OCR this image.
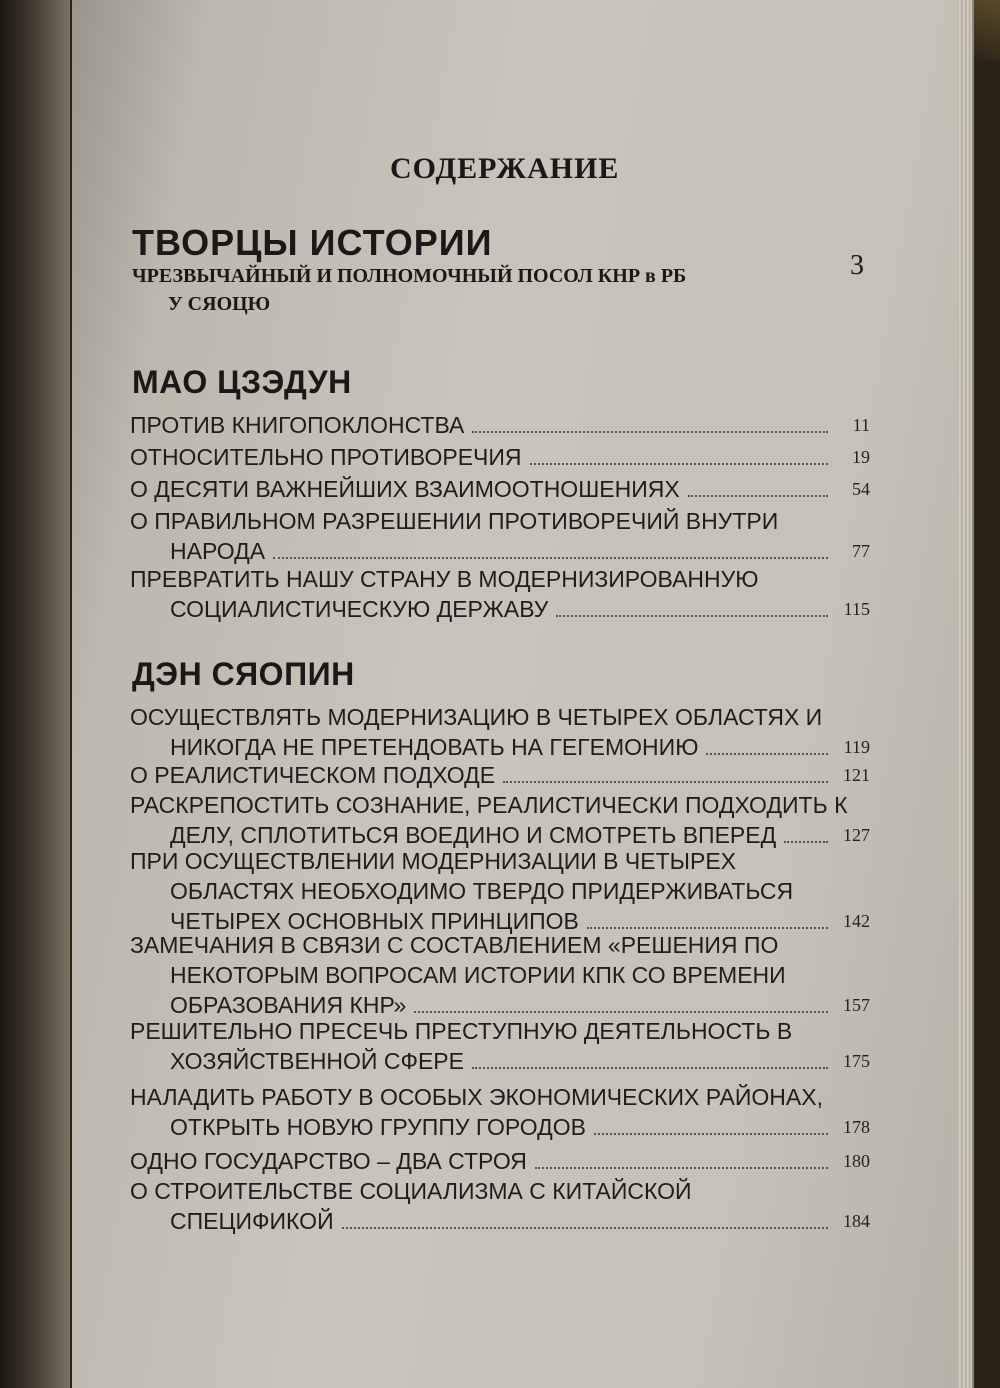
СОДЕРЖАНИЕ
ТВОРЦЫ ИСТОРИИ
ЧРЕЗВЫЧАЙНЫЙ И ПОЛНОМОЧНЫЙ ПОСОЛ КНР в РБ
У СЯОЦЮ
3
МАО ЦЗЭДУН
ПРОТИВ КНИГОПОКЛОНСТВА	11
ОТНОСИТЕЛЬНО ПРОТИВОРЕЧИЯ	19
О ДЕСЯТИ ВАЖНЕЙШИХ ВЗАИМООТНОШЕНИЯХ	54
О ПРАВИЛЬНОМ РАЗРЕШЕНИИ ПРОТИВОРЕЧИЙ ВНУТРИ
НАРОДА	77
ПРЕВРАТИТЬ НАШУ СТРАНУ В МОДЕРНИЗИРОВАННУЮ
СОЦИАЛИСТИЧЕСКУЮ ДЕРЖАВУ	115
ДЭН СЯОПИН
ОСУЩЕСТВЛЯТЬ МОДЕРНИЗАЦИЮ В ЧЕТЫРЕХ ОБЛАСТЯХ И
НИКОГДА НЕ ПРЕТЕНДОВАТЬ НА ГЕГЕМОНИЮ	119
О РЕАЛИСТИЧЕСКОМ ПОДХОДЕ	121
РАСКРЕПОСТИТЬ СОЗНАНИЕ, РЕАЛИСТИЧЕСКИ ПОДХОДИТЬ К
ДЕЛУ, СПЛОТИТЬСЯ ВОЕДИНО И СМОТРЕТЬ ВПЕРЕД	127
ПРИ ОСУЩЕСТВЛЕНИИ МОДЕРНИЗАЦИИ В ЧЕТЫРЕХ
ОБЛАСТЯХ НЕОБХОДИМО ТВЕРДО ПРИДЕРЖИВАТЬСЯ
ЧЕТЫРЕХ ОСНОВНЫХ ПРИНЦИПОВ	142
ЗАМЕЧАНИЯ В СВЯЗИ С СОСТАВЛЕНИЕМ «РЕШЕНИЯ ПО
НЕКОТОРЫМ ВОПРОСАМ ИСТОРИИ КПК СО ВРЕМЕНИ
ОБРАЗОВАНИЯ КНР»	157
РЕШИТЕЛЬНО ПРЕСЕЧЬ ПРЕСТУПНУЮ ДЕЯТЕЛЬНОСТЬ В
ХОЗЯЙСТВЕННОЙ СФЕРЕ	175
НАЛАДИТЬ РАБОТУ В ОСОБЫХ ЭКОНОМИЧЕСКИХ РАЙОНАХ,
ОТКРЫТЬ НОВУЮ ГРУППУ ГОРОДОВ	178
ОДНО ГОСУДАРСТВО – ДВА СТРОЯ	180
О СТРОИТЕЛЬСТВЕ СОЦИАЛИЗМА С КИТАЙСКОЙ
СПЕЦИФИКОЙ	184
